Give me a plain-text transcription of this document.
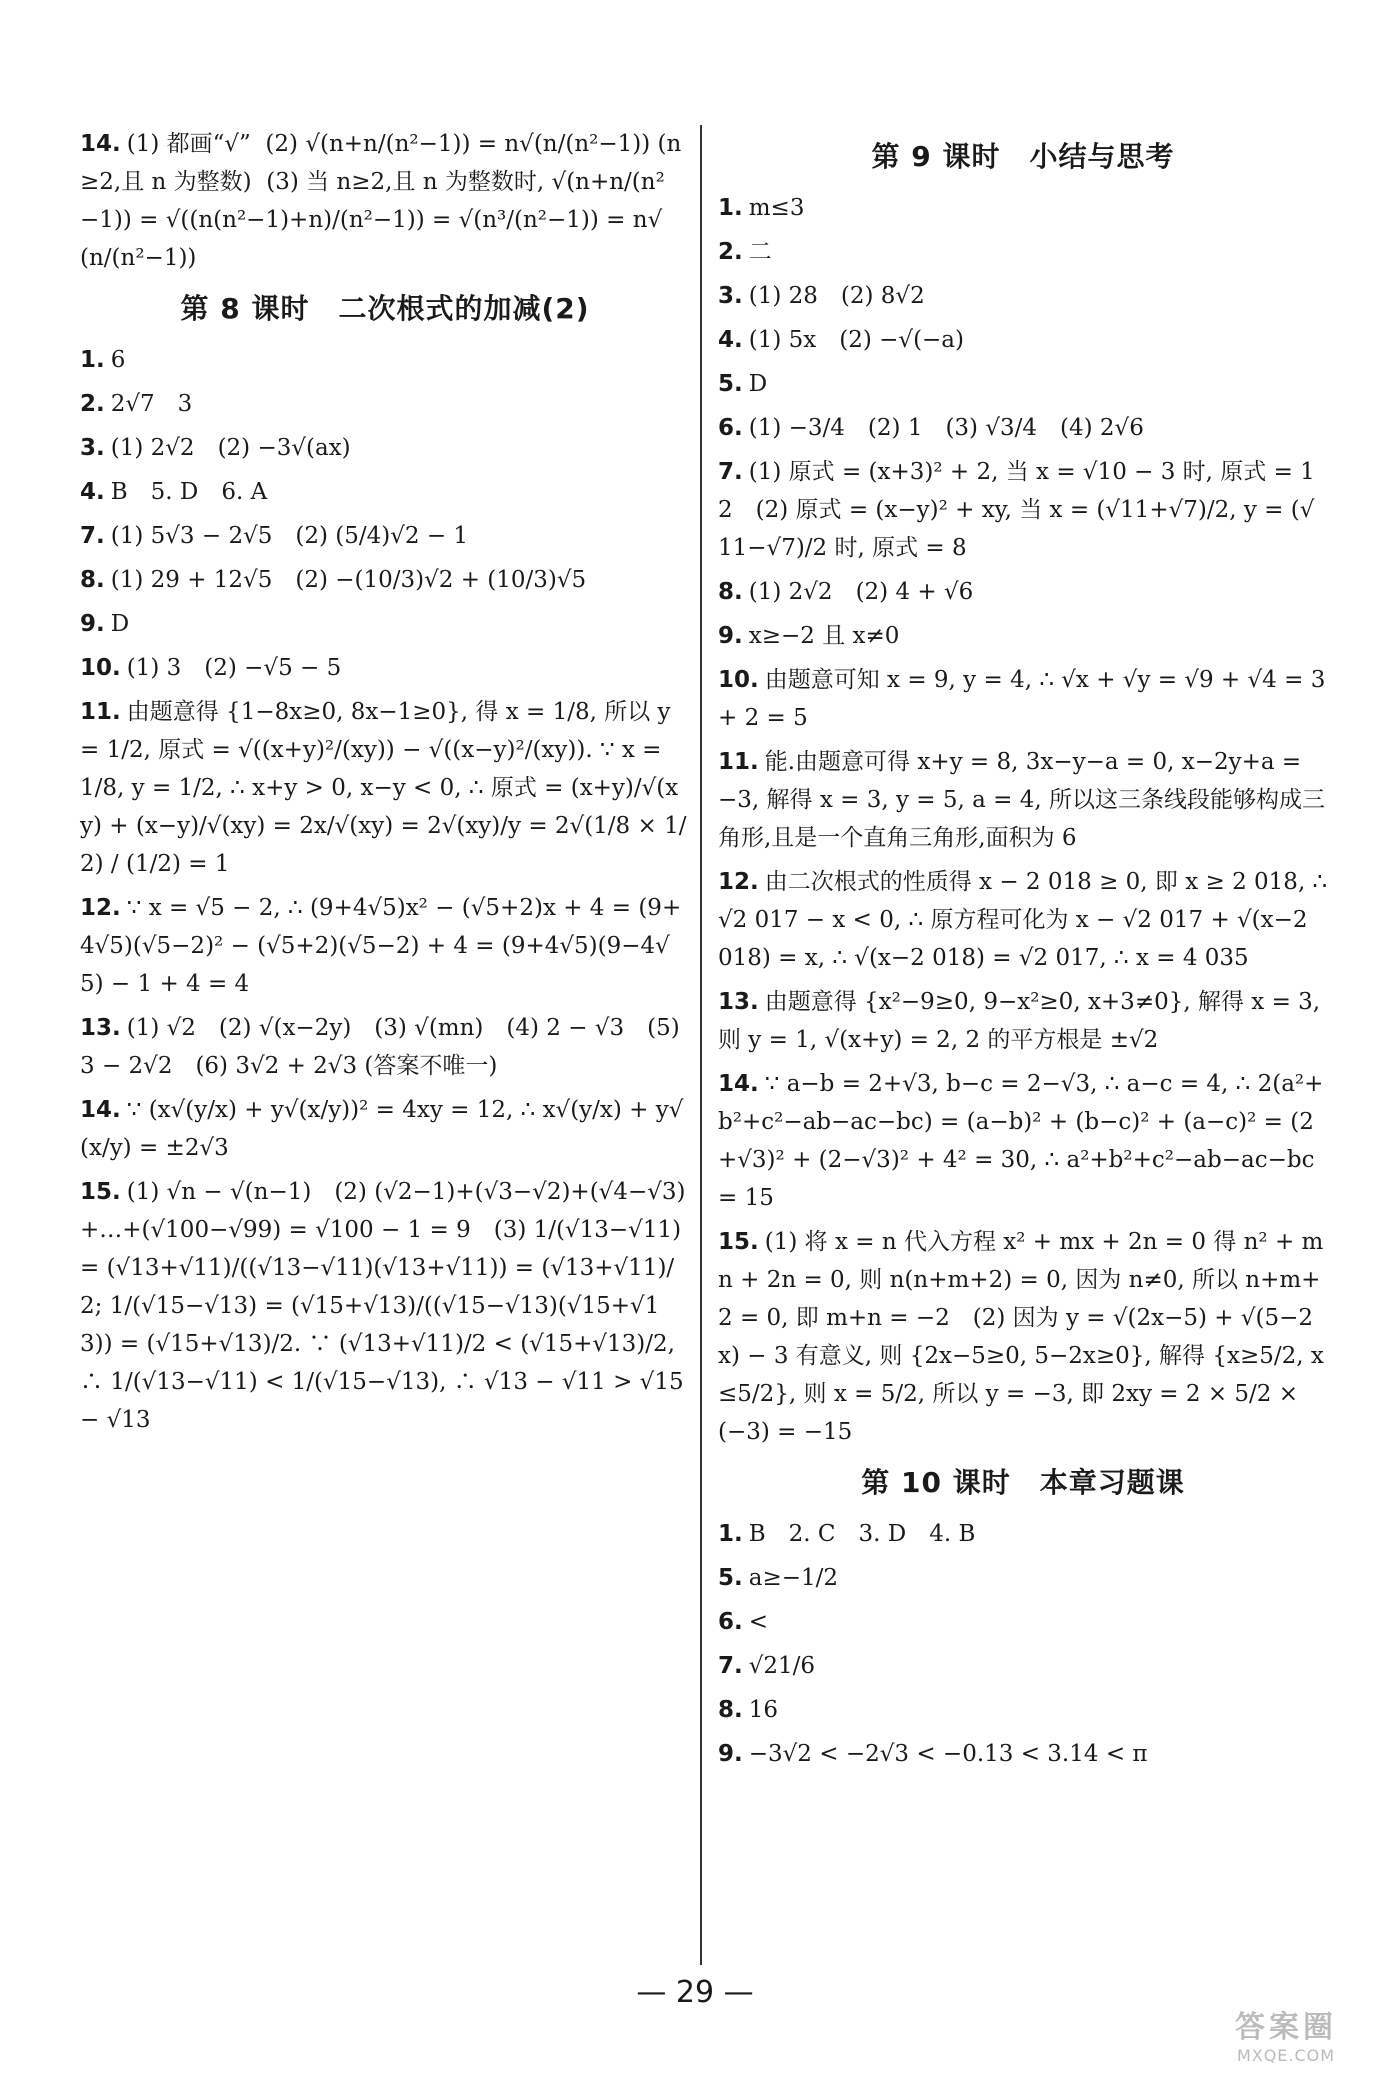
14. (1) 都画“√”  (2) √(n+n/(n²−1)) = n√(n/(n²−1)) (n≥2,且 n 为整数)  (3) 当 n≥2,且 n 为整数时, √(n+n/(n²−1)) = √((n(n²−1)+n)/(n²−1)) = √(n³/(n²−1)) = n√(n/(n²−1))
第 8 课时　二次根式的加减(2)
1. 6
2. 2√7　3
3. (1) 2√2　(2) −3√(ax)
4. B　5. D　6. A
7. (1) 5√3 − 2√5　(2) (5/4)√2 − 1
8. (1) 29 + 12√5　(2) −(10/3)√2 + (10/3)√5
9. D
10. (1) 3　(2) −√5 − 5
11. 由题意得 {1−8x≥0, 8x−1≥0}, 得 x = 1/8, 所以 y = 1/2, 原式 = √((x+y)²/(xy)) − √((x−y)²/(xy)). ∵ x = 1/8, y = 1/2, ∴ x+y > 0, x−y < 0, ∴ 原式 = (x+y)/√(xy) + (x−y)/√(xy) = 2x/√(xy) = 2√(xy)/y = 2√(1/8 × 1/2) / (1/2) = 1
12. ∵ x = √5 − 2, ∴ (9+4√5)x² − (√5+2)x + 4 = (9+4√5)(√5−2)² − (√5+2)(√5−2) + 4 = (9+4√5)(9−4√5) − 1 + 4 = 4
13. (1) √2　(2) √(x−2y)　(3) √(mn)　(4) 2 − √3　(5) 3 − 2√2　(6) 3√2 + 2√3 (答案不唯一)
14. ∵ (x√(y/x) + y√(x/y))² = 4xy = 12, ∴ x√(y/x) + y√(x/y) = ±2√3
15. (1) √n − √(n−1)　(2) (√2−1)+(√3−√2)+(√4−√3)+…+(√100−√99) = √100 − 1 = 9　(3) 1/(√13−√11) = (√13+√11)/((√13−√11)(√13+√11)) = (√13+√11)/2; 1/(√15−√13) = (√15+√13)/((√15−√13)(√15+√13)) = (√15+√13)/2. ∵ (√13+√11)/2 < (√15+√13)/2, ∴ 1/(√13−√11) < 1/(√15−√13), ∴ √13 − √11 > √15 − √13
第 9 课时　小结与思考
1. m≤3
2. 二
3. (1) 28　(2) 8√2
4. (1) 5x　(2) −√(−a)
5. D
6. (1) −3/4　(2) 1　(3) √3/4　(4) 2√6
7. (1) 原式 = (x+3)² + 2, 当 x = √10 − 3 时, 原式 = 12　(2) 原式 = (x−y)² + xy, 当 x = (√11+√7)/2, y = (√11−√7)/2 时, 原式 = 8
8. (1) 2√2　(2) 4 + √6
9. x≥−2 且 x≠0
10. 由题意可知 x = 9, y = 4, ∴ √x + √y = √9 + √4 = 3 + 2 = 5
11. 能.由题意可得 x+y = 8, 3x−y−a = 0, x−2y+a = −3, 解得 x = 3, y = 5, a = 4, 所以这三条线段能够构成三角形,且是一个直角三角形,面积为 6
12. 由二次根式的性质得 x − 2 018 ≥ 0, 即 x ≥ 2 018, ∴ √2 017 − x < 0, ∴ 原方程可化为 x − √2 017 + √(x−2 018) = x, ∴ √(x−2 018) = √2 017, ∴ x = 4 035
13. 由题意得 {x²−9≥0, 9−x²≥0, x+3≠0}, 解得 x = 3, 则 y = 1, √(x+y) = 2, 2 的平方根是 ±√2
14. ∵ a−b = 2+√3, b−c = 2−√3, ∴ a−c = 4, ∴ 2(a²+b²+c²−ab−ac−bc) = (a−b)² + (b−c)² + (a−c)² = (2+√3)² + (2−√3)² + 4² = 30, ∴ a²+b²+c²−ab−ac−bc = 15
15. (1) 将 x = n 代入方程 x² + mx + 2n = 0 得 n² + mn + 2n = 0, 则 n(n+m+2) = 0, 因为 n≠0, 所以 n+m+2 = 0, 即 m+n = −2　(2) 因为 y = √(2x−5) + √(5−2x) − 3 有意义, 则 {2x−5≥0, 5−2x≥0}, 解得 {x≥5/2, x≤5/2}, 则 x = 5/2, 所以 y = −3, 即 2xy = 2 × 5/2 × (−3) = −15
第 10 课时　本章习题课
1. B　2. C　3. D　4. B
5. a≥−1/2
6. <
7. √21/6
8. 16
9. −3√2 < −2√3 < −0.13 < 3.14 < π
— 29 —
答案圈
MXQE.COM
